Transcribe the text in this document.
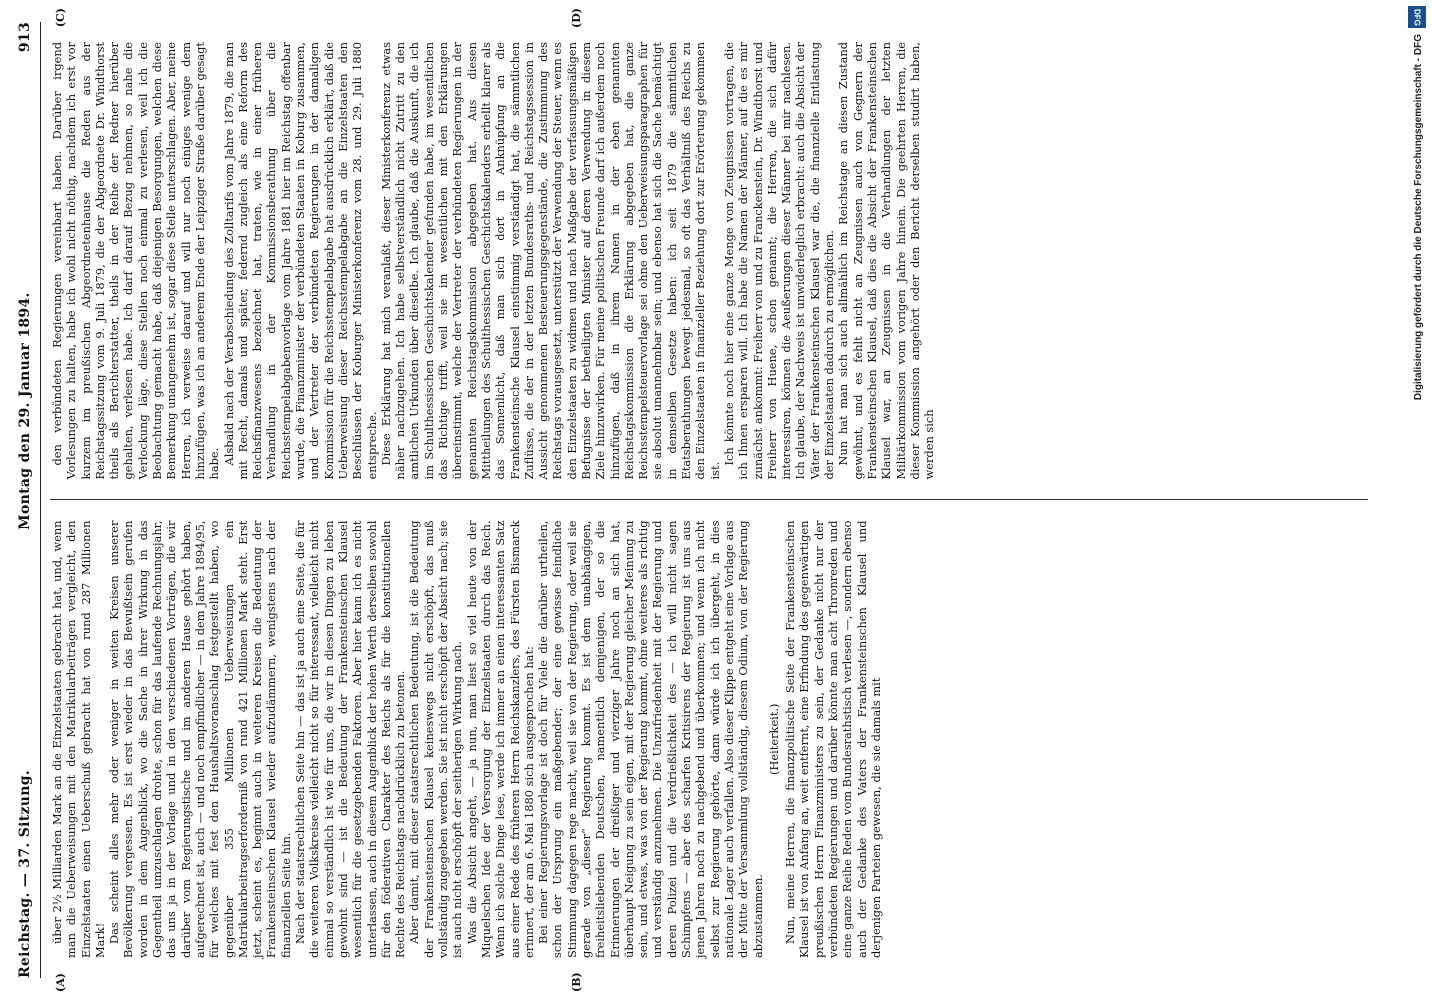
Reichstag. — 37. Sitzung.
Montag den 29. Januar 1894.
913
(A)	(B)

über 2½ Milliarden Mark an die Einzelstaaten gebracht hat, und, wenn man die Ueberweisungen mit den Matrikularbeiträgen vergleicht, den Einzelstaaten einen Ueberschuß gebracht hat von rund 287 Millionen Mark! Das scheint alles mehr oder weniger in weiten Kreisen unserer Bevölkerung vergessen. Es ist erst wieder in das Bewußtsein gerufen worden in dem Augenblick, wo die Sache in ihrer Wirkung in das Gegentheil umzuschlagen drohte, schon für das laufende Rechnungsjahr, das uns ja in der Vorlage und in den verschiedenen Vorträgen, die wir darüber vom Regierungstische und im anderen Hause gehört haben, aufgerechnet ist, auch — und noch empfindlicher — in dem Jahre 1894/95, für welches mit fest den Haushaltsvoranschlag festgestellt haben, wo gegenüber 355 Millionen Ueberweisungen ein Matrikularbeitragserforderniß von rund 421 Millionen Mark steht. Erst jetzt, scheint es, beginnt auch in weiteren Kreisen die Bedeutung der Frankensteinschen Klausel wieder aufzudämmern, wenigstens nach der finanziellen Seite hin. Nach der staatsrechtlichen Seite hin — das ist ja auch eine Seite, die für die weiteren Volkskreise vielleicht nicht so für interessant, vielleicht nicht einmal so verständlich ist wie für uns, die wir in diesen Dingen zu leben gewohnt sind — ist die Bedeutung der Frankensteinschen Klausel wesentlich für die gesetzgebenden Faktoren. Aber hier kann ich es nicht unterlassen, auch in diesem Augenblick der hohen Werth derselben sowohl für den föderativen Charakter des Reichs als für die konstitutionellen Rechte des Reichstags nachdrücklich zu betonen. Aber damit, mit dieser staatsrechtlichen Bedeutung, ist die Bedeutung der Frankensteinschen Klausel keineswegs nicht erschöpft, das muß vollständig zugegeben werden. Sie ist nicht erschöpft der Absicht nach; sie ist auch nicht erschöpft der seitherigen Wirkung nach. Was die Absicht angeht, — ja nun, man liest so viel heute von der Miquelschen Idee der Versorgung der Einzelstaaten durch das Reich. Wenn ich solche Dinge lese, werde ich immer an einen interessanten Satz aus einer Rede des früheren Herrn Reichskanzlers, des Fürsten Bismarck erinnert, der am 6. Mai 1880 sich ausgesprochen hat: Bei einer Regierungsvorlage ist doch für Viele die darüber urtheilen, schon der Ursprung ein maßgebender; der eine gewisse feindliche Stimmung dagegen rege macht, weil sie von der Regierung, oder weil sie gerade von „dieser“ Regierung kommt. Es ist dem unabhängigen, freiheitsliebenden Deutschen, namentlich demjenigen, der so die Erinnerungen der dreißiger und vierziger Jahre noch an sich hat, überhaupt Neigung zu sein eigen, mit der Regierung gleicher Meinung zu sein, und etwas, was von der Regierung kommt, ohne weiteres als richtig und verständig anzunehmen. Die Unzufriedenheit mit der Regierung und deren Polizei und die Verdrießlichkeit des — ich will nicht sagen Schimpfens — aber des scharfen Kritisirens der Regierung ist uns aus jenen Jahren noch zu nachgebend und überkommen; und wenn ich nicht selbst zur Regierung gehörte, dann würde ich ich übergeht, in dies nationale Lager auch verfallen. Also dieser Klippe entgeht eine Vorlage aus der Mitte der Versammlung vollständig, diesem Odium, von der Regierung abzustammen.

(Heiterkeit.) Nun, meine Herren, die finanzpolitische Seite der Frankensteinschen Klausel ist von Anfang an, weit entfernt, eine Erfindung des gegenwärtigen preußischen Herrn Finanzministers zu sein, der Gedanke nicht nur der verbündeten Regierungen und darüber könnte man acht Thronreden und eine ganze Reihe Reden vom Bundesrathstisch verlesen —, sondern ebenso auch der Gedanke des Vaters der Frankensteinschen Klausel und derjenigen Parteien gewesen, die sie damals mit

(C)	(D)

den verbündeten Regierungen vereinbart haben. Darüber irgend Vorlesungen zu halten, habe ich wohl nicht nöthig, nachdem ich erst vor kurzem im preußischen Abgeordnetenhause die Reden aus der Reichstagssitzung vom 9. Juli 1879, die der Abgeordnete Dr. Windthorst theils als Berichterstatter, theils in der Reihe der Redner hierüber gehalten, verlesen habe. Ich darf darauf Bezug nehmen, so nahe die Verlockung läge, diese Stellen noch einmal zu verlesen, weil ich die Beobachtung gemacht habe, daß diejenigen Besorgungen, welchen diese Bemerkung unangenehm ist, sogar diese Stelle unterschlagen. Aber, meine Herren, ich verweise darauf und will nur noch einiges wenige dem hinzufügen, was ich an anderem Ende der Leipziger Straße darüber gesagt habe. Alsbald nach der Verabschiedung des Zolltarifs vom Jahre 1879, die man mit Recht, damals und später, federnd zugleich als eine Reform des Reichsfinanzwesens bezeichnet hat, traten, wie in einer früheren Verhandlung in der Kommissionsberathung über die Reichsstempelabgabenvorlage vom Jahre 1881 hier im Reichstag offenbar wurde, die Finanzminister der verbündeten Staaten in Koburg zusammen, und der Vertreter der verbündeten Regierungen in der damaligen Kommission für die Reichsstempelabgabe hat ausdrücklich erklärt, daß die Ueberweisung dieser Reichsstempelabgabe an die Einzelstaaten den Beschlüssen der Koburger Ministerkonferenz vom 28. und 29. Juli 1880 entspreche. Diese Erklärung hat mich veranlaßt, dieser Ministerkonferenz etwas näher nachzugehen. Ich habe selbstverständlich nicht Zutritt zu den amtlichen Urkunden über dieselbe. Ich glaube, daß die Auskunft, die ich im Schulthessischen Geschichtskalender gefunden habe, im wesentlichen das Richtige trifft, weil sie im wesentlichen mit den Erklärungen übereinstimmt, welche der Vertreter der verbündeten Regierungen in der genannten Reichstagskommission abgegeben hat. Aus diesen Mittheilungen des Schulthessischen Geschichtskalenders erhellt klarer als das Sonnenlicht, daß man sich dort in Anknüpfung an die Frankensteinsche Klausel einstimmig verständigt hat, die sämmtlichen Zuflüsse, die der in der letzten Bundesraths- und Reichstagssession in Aussicht genommenen Besteuerungsgegenstände, die Zustimmung des Reichstags vorausgesetzt, unterstützt der Verwendung der Steuer, wenn es den Einzelstaaten zu widmen und nach Maßgabe der verfassungsmäßigen Befugnisse der betheiligten Minister auf deren Verwendung in diesem Ziele hinzuwirken. Für meine politischen Freunde darf ich außerdem noch hinzufügen, daß in ihrem Namen in der eben genannten Reichstagskommission die Erklärung abgegeben hat, die ganze Reichsstempelsteuervorlage sei ohne den Ueberweisungsparagraphen für sie absolut unannehmbar sein; und ebenso hat sich die Sache bemächtigt in demselben Gesetze haben: ich seit 1879 die sämmtlichen Etatsberathungen bewegt jedesmal, so oft das Verhältniß des Reichs zu den Einzelstaaten in finanzieller Beziehung dort zur Erörterung gekommen ist.

Ich könnte noch hier eine ganze Menge von Zeugnissen vortragen, die ich Ihnen ersparen will. Ich habe die Namen der Männer, auf die es mir zunächst ankommt: Freiherr von und zu Franckenstein, Dr. Windthorst und Freiherr von Huene, schon genannt; die Herren, die sich dafür interessiren, können die Aeußerungen dieser Männer bei mir nachlesen. Ich glaube, der Nachweis ist unwiderleglich erbracht: auch die Absicht der Väter der Frankensteinschen Klausel war die, die finanzielle Entlastung der Einzelstaaten dadurch zu ermöglichen. Nun hat man sich auch allmählich im Reichstage an diesen Zustand gewöhnt, und es fehlt nicht an Zeugnissen auch von Gegnern der Frankensteinschen Klausel, daß dies die Absicht der Frankensteinschen Klausel war, an Zeugnissen in die Verhandlungen der letzten Militärkommission vom vorigen Jahre hinein. Die geehrten Herren, die dieser Kommission angehört oder den Bericht derselben studirt haben, werden sich

DFG
Digitalisierung gefördert durch die Deutsche Forschungsgemeinschaft - DFG
